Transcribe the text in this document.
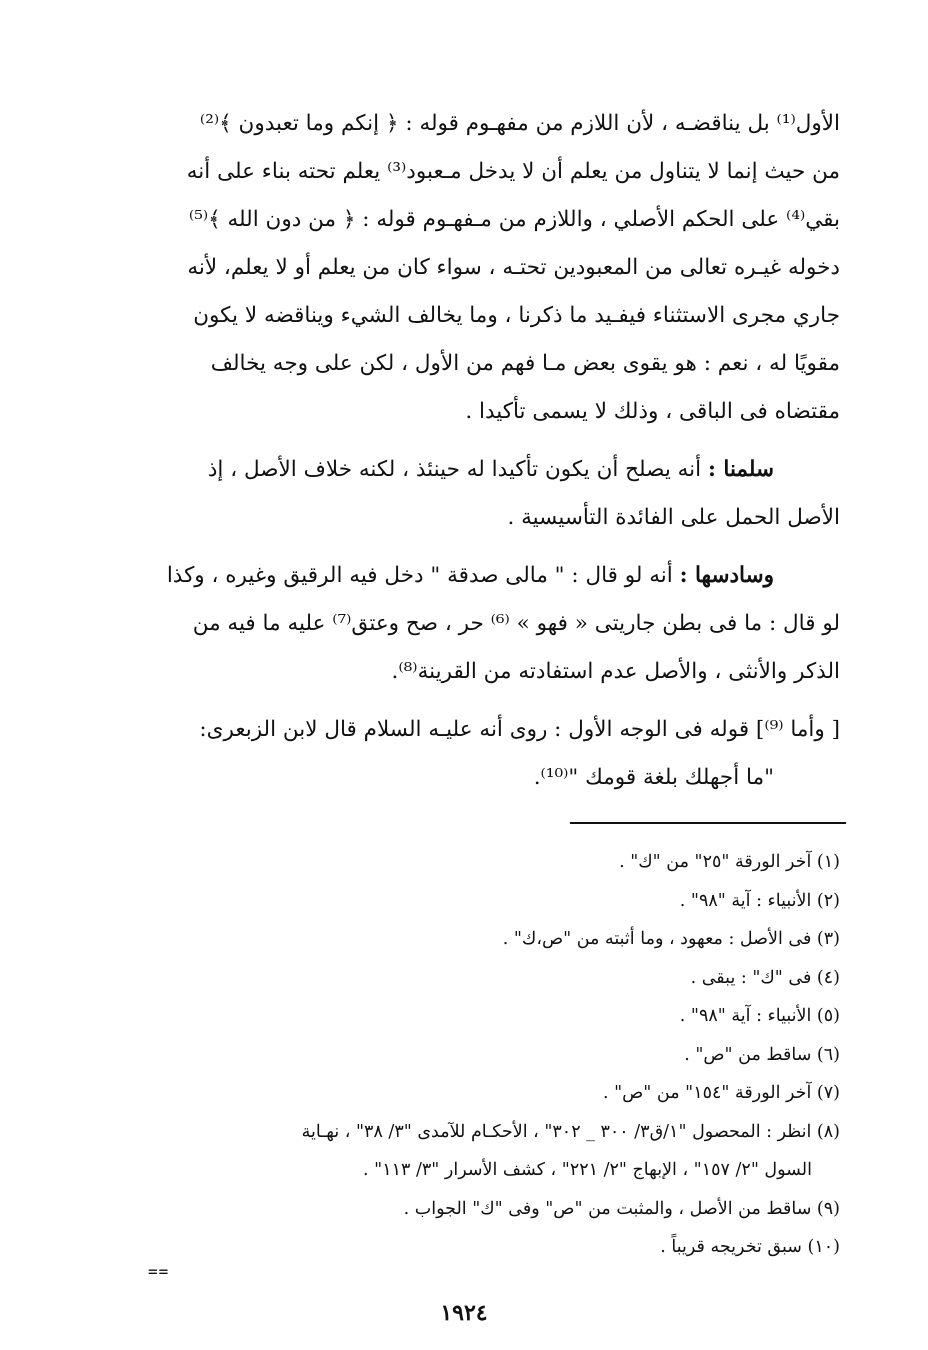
الأول⁽¹⁾ بل يناقضـه ، لأن اللازم من مفهـوم قوله : ﴿ إنكم وما تعبدون ﴾⁽²⁾
من حيث إنما لا يتناول من يعلم أن لا يدخل مـعبود⁽³⁾ يعلم تحته بناء على أنه
بقي⁽⁴⁾ على الحكم الأصلي ، واللازم من مـفهـوم قوله : ﴿ من دون الله ﴾⁽⁵⁾
دخوله غيـره تعالى من المعبودين تحتـه ، سواء كان من يعلم أو لا يعلم، لأنه
جاري مجرى الاستثناء فيفـيد ما ذكرنا ، وما يخالف الشيء ويناقضه لا يكون
مقويًا له ، نعم : هو يقوى بعض مـا فهم من الأول ، لكن على وجه يخالف
مقتضاه فى الباقى ، وذلك لا يسمى تأكيدا .

سلمنا : أنه يصلح أن يكون تأكيدا له حينئذ ، لكنه خلاف الأصل ، إذ
الأصل الحمل على الفائدة التأسيسية .

وسادسها : أنه لو قال : " مالى صدقة " دخل فيه الرقيق وغيره ، وكذا
لو قال : ما فى بطن جاريتى « فهو » ⁽⁶⁾ حر ، صح وعتق⁽⁷⁾ عليه ما فيه من
الذكر والأنثى ، والأصل عدم استفادته من القرينة⁽⁸⁾.

[ وأما ⁽⁹⁾] قوله فى الوجه الأول : روى أنه عليـه السلام قال لابن الزبعرى:
"ما أجهلك بلغة قومك "⁽¹⁰⁾.

(١) آخر الورقة "٢٥" من "ك" .
(٢) الأنبياء : آية "٩٨" .
(٣) فى الأصل : معهود ، وما أثبته من "ص،ك" .
(٤) فى "ك" : يبقى .
(٥) الأنبياء : آية "٩٨" .
(٦) ساقط من "ص" .
(٧) آخر الورقة "١٥٤" من "ص" .
(٨) انظر : المحصول "١/ق٣/ ٣٠٠ _ ٣٠٢" ، الأحكـام للآمدى "٣/ ٣٨" ، نهـاية
السول "٢/ ١٥٧" ، الإبهاج "٢/ ٢٢١" ، كشف الأسرار "٣/ ١١٣" .
(٩) ساقط من الأصل ، والمثبت من "ص" وفى "ك" الجواب .
(١٠) سبق تخريجه قريباً .
==
١٩٢٤
